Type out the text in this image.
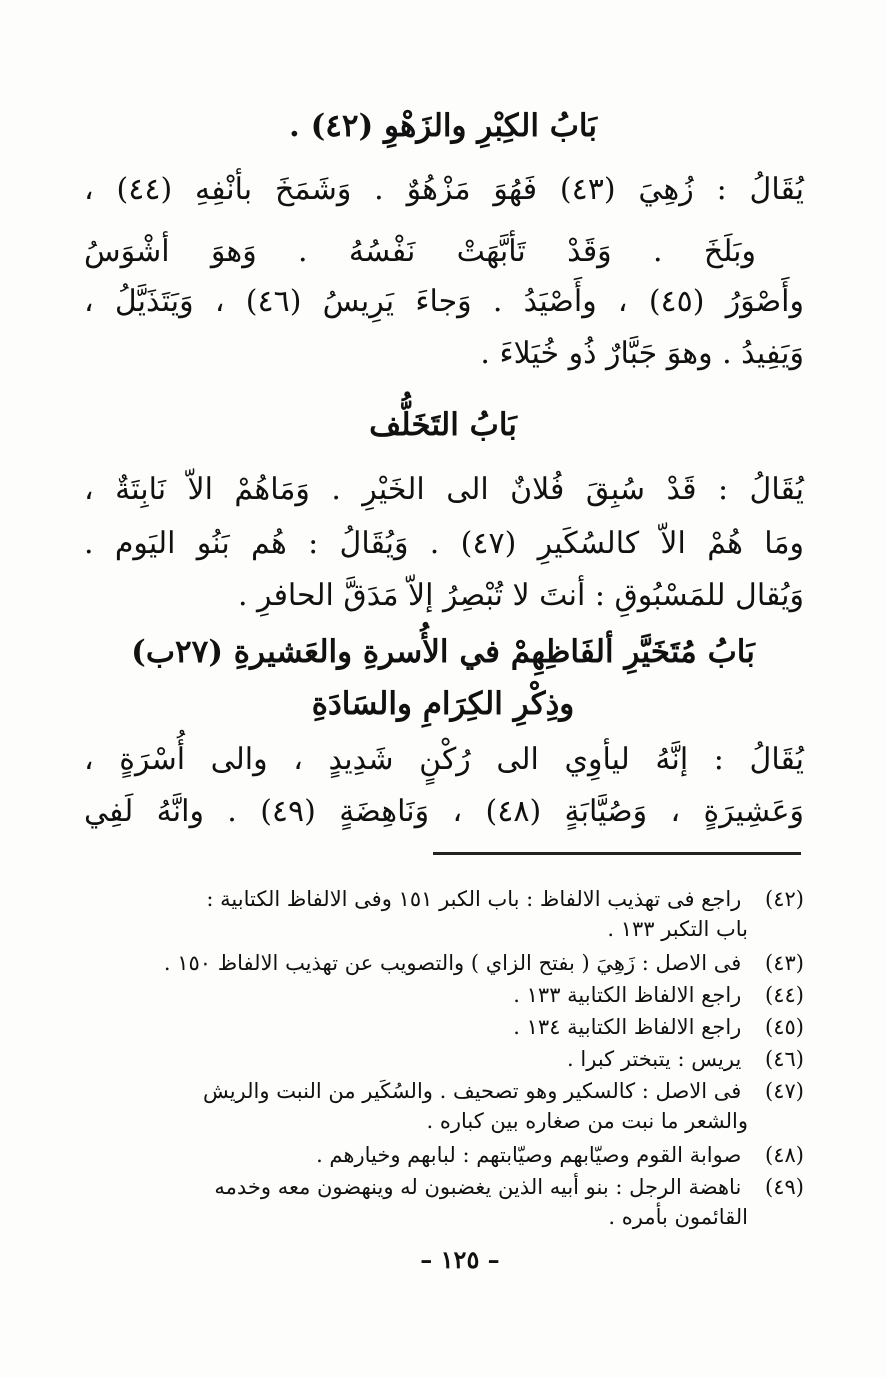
بَابُ الكِبْرِ والزَهْوِ (٤٢) .
يُقَالُ : زُهِيَ (٤٣) فَهُوَ مَزْهُوٌ . وَشَمَخَ بأنْفِهِ (٤٤) ،
وبَلَخَ . وَقَدْ تَأبَّهَتْ نَفْسُهُ . وَهوَ أشْوَسُ
وأَصْوَرُ (٤٥) ، وأَصْيَدُ . وَجاءَ يَرِيسُ (٤٦) ، وَيَتَذَيَّلُ ،
وَيَفِيدُ . وهوَ جَبَّارٌ ذُو خُيَلاءَ .
بَابُ التَخَلُّف
يُقَالُ : قَدْ سُبِقَ فُلانٌ الى الخَيْرِ . وَمَاهُمْ الاّ نَابِتَةٌ ،
ومَا هُمْ الاّ كالسُكَيرِ (٤٧) . وَيُقَالُ : هُم بَنُو اليَوم .
وَيُقال للمَسْبُوقِ : أنتَ لا تُبْصِرُ إلاّ مَدَقَّ الحافرِ .
بَابُ مُتَخَيَّرِ ألفَاظِهِمْ في الأُسرةِ والعَشيرةِ (٢٧ب)
وذِكْرِ الكِرَامِ والسَادَةِ
يُقَالُ : إنَّهُ ليأوِي الى رُكْنٍ شَدِيدٍ ، والى أُسْرَةٍ ،
وَعَشِيرَةٍ ، وَصُيَّابَةٍ (٤٨) ، وَنَاهِضَةٍ (٤٩) . وانَّهُ لَفِي
(٤٢) راجع فى تهذيب الالفاظ : باب الكبر ١٥١ وفى الالفاظ الكتابية :
باب التكبر ١٣٣ .
(٤٣) فى الاصل : زَهِيَ ( بفتح الزاي ) والتصويب عن تهذيب الالفاظ ١٥٠ .
(٤٤) راجع الالفاظ الكتابية ١٣٣ .
(٤٥) راجع الالفاظ الكتابية ١٣٤ .
(٤٦) يريس : يتبختر كبرا .
(٤٧) فى الاصل : كالسكير وهو تصحيف . والسُكَير من النبت والريش
والشعر ما نبت من صغاره بين كباره .
(٤٨) صوابة القوم وصيّابهم وصيّابتهم : لبابهم وخيارهم .
(٤٩) ناهضة الرجل : بنو أبيه الذين يغضبون له وينهضون معه وخدمه
القائمون بأمره .
– ١٢٥ –
